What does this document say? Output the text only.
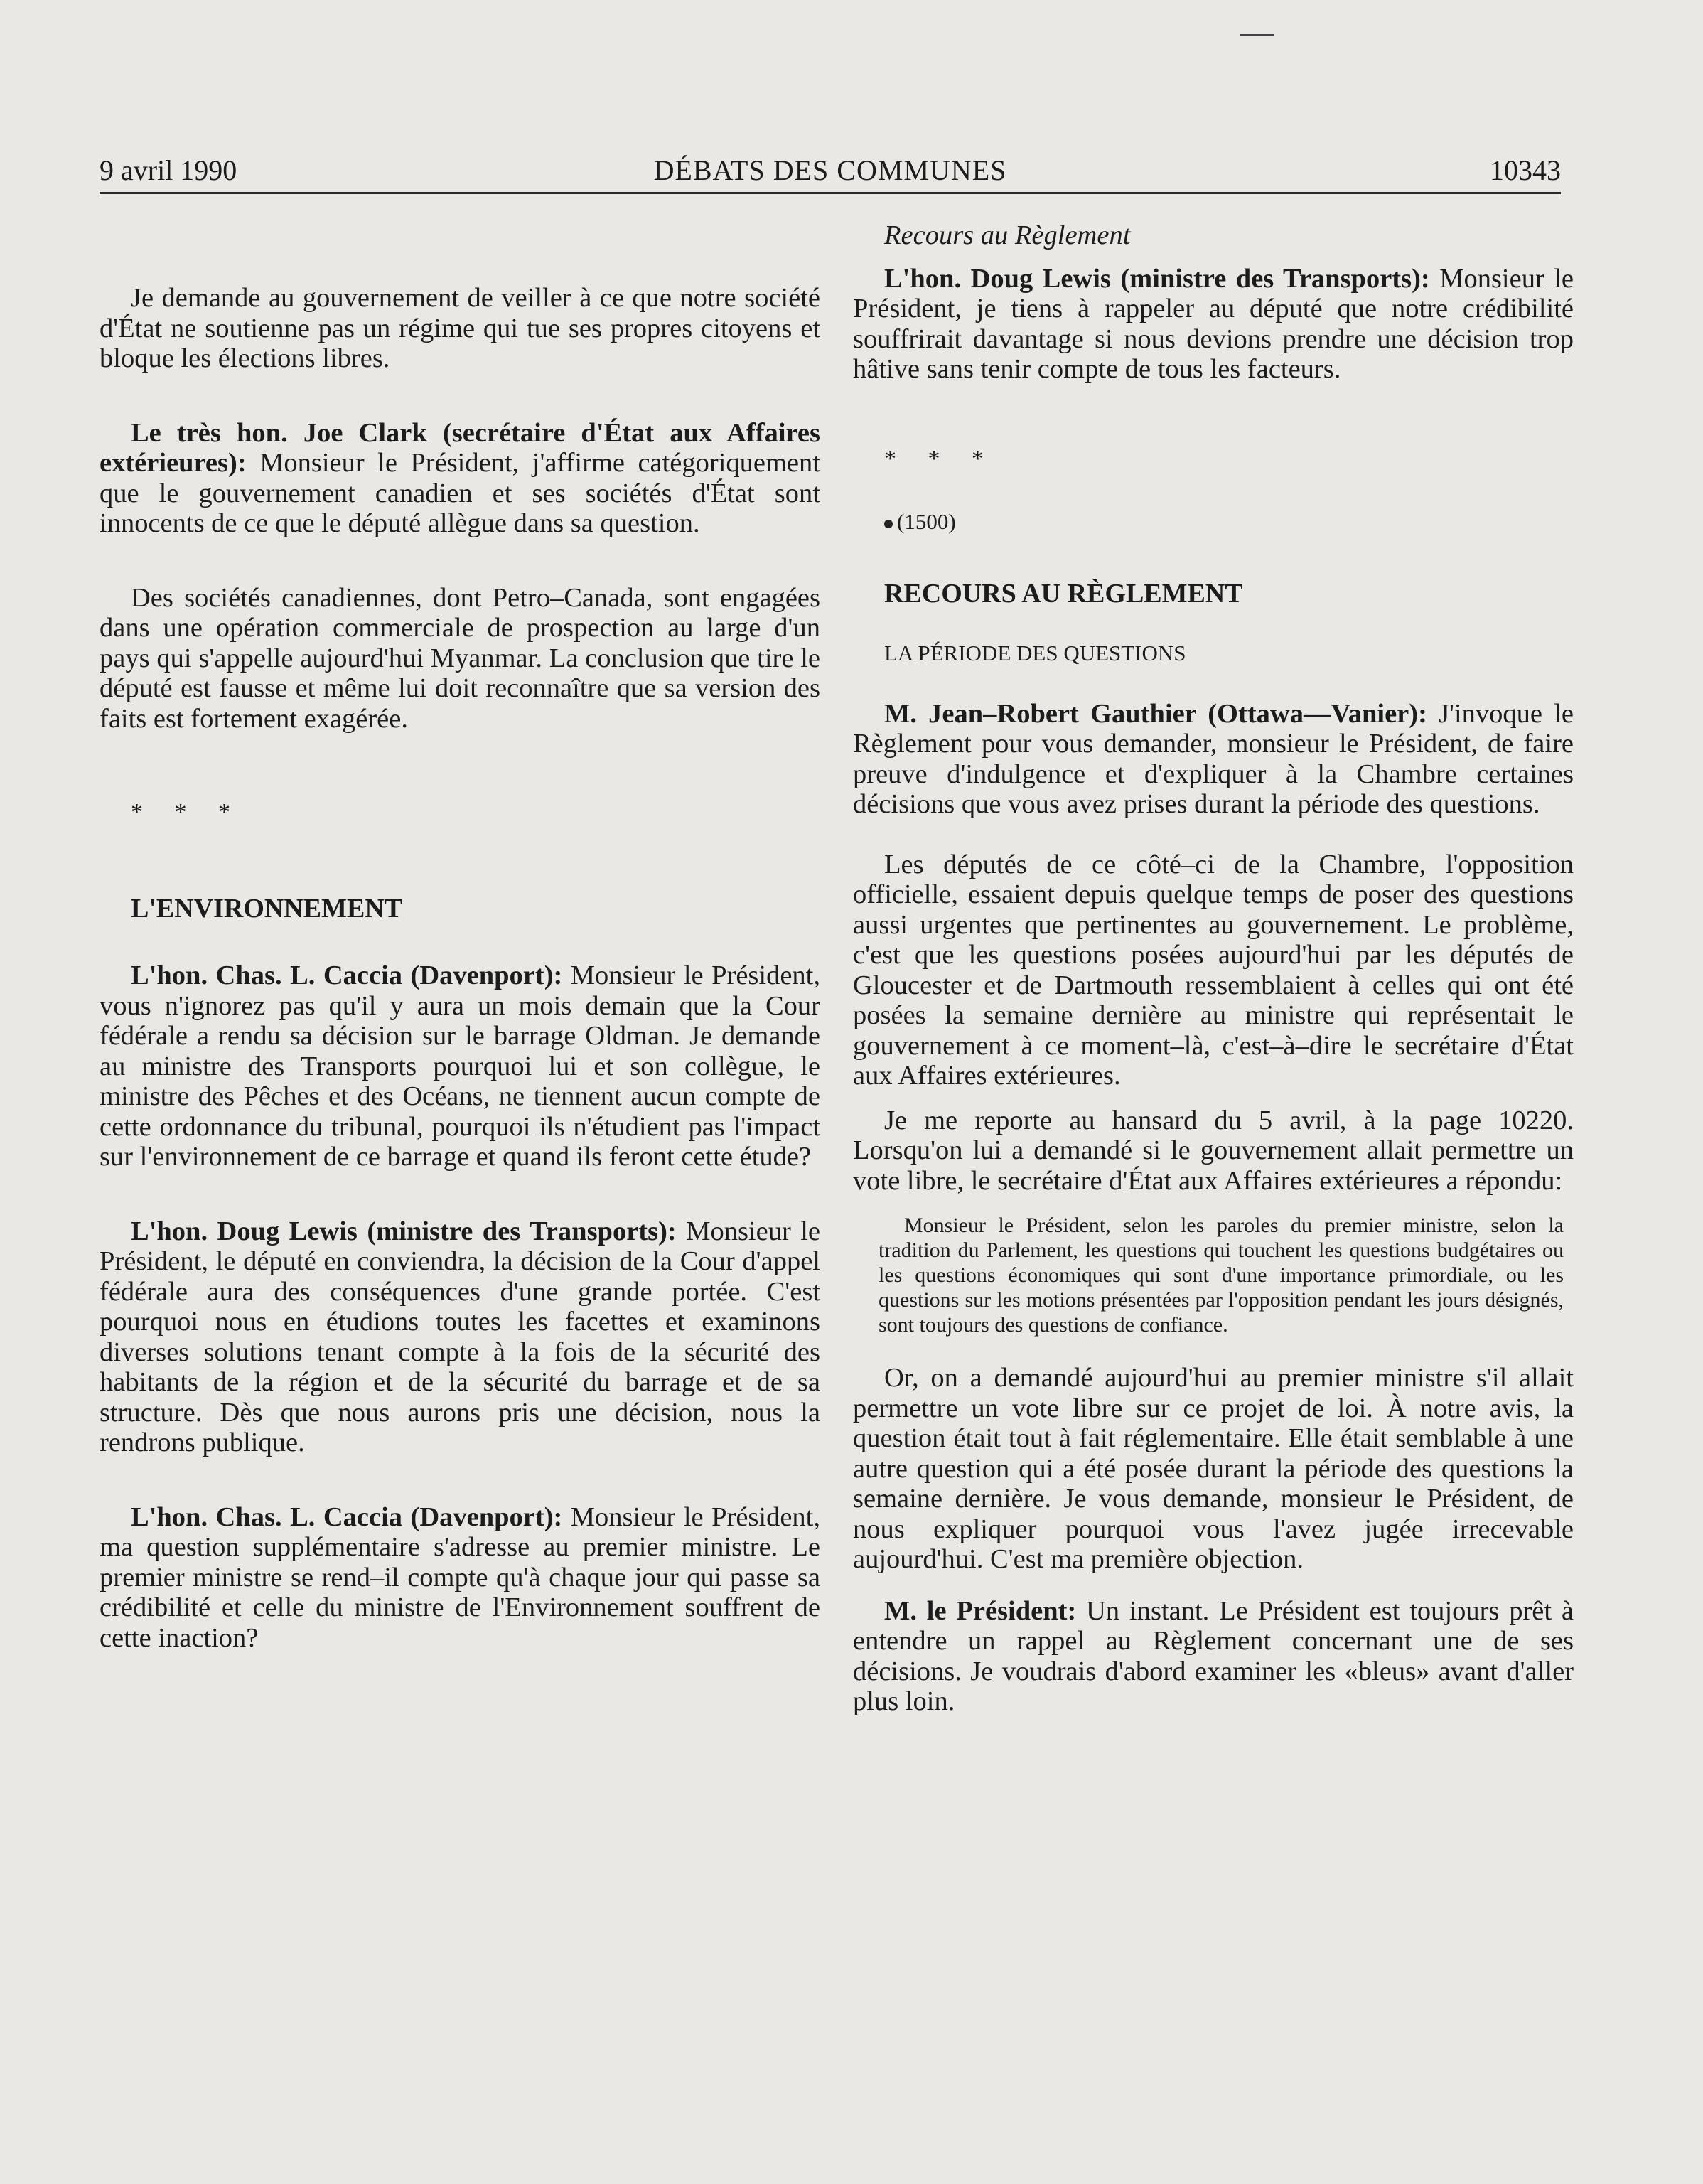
9 avril 1990	DÉBATS DES COMMUNES	10343

Je demande au gouvernement de veiller à ce que notre société d'État ne soutienne pas un régime qui tue ses propres citoyens et bloque les élections libres.

Le très hon. Joe Clark (secrétaire d'État aux Affaires extérieures): Monsieur le Président, j'affirme catégoriquement que le gouvernement canadien et ses sociétés d'État sont innocents de ce que le député allègue dans sa question.

Des sociétés canadiennes, dont Petro–Canada, sont engagées dans une opération commerciale de prospection au large d'un pays qui s'appelle aujourd'hui Myanmar. La conclusion que tire le député est fausse et même lui doit reconnaître que sa version des faits est fortement exagérée.

* * *

L'ENVIRONNEMENT

L'hon. Chas. L. Caccia (Davenport): Monsieur le Président, vous n'ignorez pas qu'il y aura un mois demain que la Cour fédérale a rendu sa décision sur le barrage Oldman. Je demande au ministre des Transports pourquoi lui et son collègue, le ministre des Pêches et des Océans, ne tiennent aucun compte de cette ordonnance du tribunal, pourquoi ils n'étudient pas l'impact sur l'environnement de ce barrage et quand ils feront cette étude?

L'hon. Doug Lewis (ministre des Transports): Monsieur le Président, le député en conviendra, la décision de la Cour d'appel fédérale aura des conséquences d'une grande portée. C'est pourquoi nous en étudions toutes les facettes et examinons diverses solutions tenant compte à la fois de la sécurité des habitants de la région et de la sécurité du barrage et de sa structure. Dès que nous aurons pris une décision, nous la rendrons publique.

L'hon. Chas. L. Caccia (Davenport): Monsieur le Président, ma question supplémentaire s'adresse au premier ministre. Le premier ministre se rend–il compte qu'à chaque jour qui passe sa crédibilité et celle du ministre de l'Environnement souffrent de cette inaction?

Recours au Règlement

L'hon. Doug Lewis (ministre des Transports): Monsieur le Président, je tiens à rappeler au député que notre crédibilité souffrirait davantage si nous devions prendre une décision trop hâtive sans tenir compte de tous les facteurs.

* * *

(1500)

RECOURS AU RÈGLEMENT

LA PÉRIODE DES QUESTIONS

M. Jean–Robert Gauthier (Ottawa—Vanier): J'invoque le Règlement pour vous demander, monsieur le Président, de faire preuve d'indulgence et d'expliquer à la Chambre certaines décisions que vous avez prises durant la période des questions.

Les députés de ce côté–ci de la Chambre, l'opposition officielle, essaient depuis quelque temps de poser des questions aussi urgentes que pertinentes au gouvernement. Le problème, c'est que les questions posées aujourd'hui par les députés de Gloucester et de Dartmouth ressemblaient à celles qui ont été posées la semaine dernière au ministre qui représentait le gouvernement à ce moment–là, c'est–à–dire le secrétaire d'État aux Affaires extérieures.

Je me reporte au hansard du 5 avril, à la page 10220. Lorsqu'on lui a demandé si le gouvernement allait permettre un vote libre, le secrétaire d'État aux Affaires extérieures a répondu:

Monsieur le Président, selon les paroles du premier ministre, selon la tradition du Parlement, les questions qui touchent les questions budgétaires ou les questions économiques qui sont d'une importance primordiale, ou les questions sur les motions présentées par l'opposition pendant les jours désignés, sont toujours des questions de confiance.

Or, on a demandé aujourd'hui au premier ministre s'il allait permettre un vote libre sur ce projet de loi. À notre avis, la question était tout à fait réglementaire. Elle était semblable à une autre question qui a été posée durant la période des questions la semaine dernière. Je vous demande, monsieur le Président, de nous expliquer pourquoi vous l'avez jugée irrecevable aujourd'hui. C'est ma première objection.

M. le Président: Un instant. Le Président est toujours prêt à entendre un rappel au Règlement concernant une de ses décisions. Je voudrais d'abord examiner les «bleus» avant d'aller plus loin.
